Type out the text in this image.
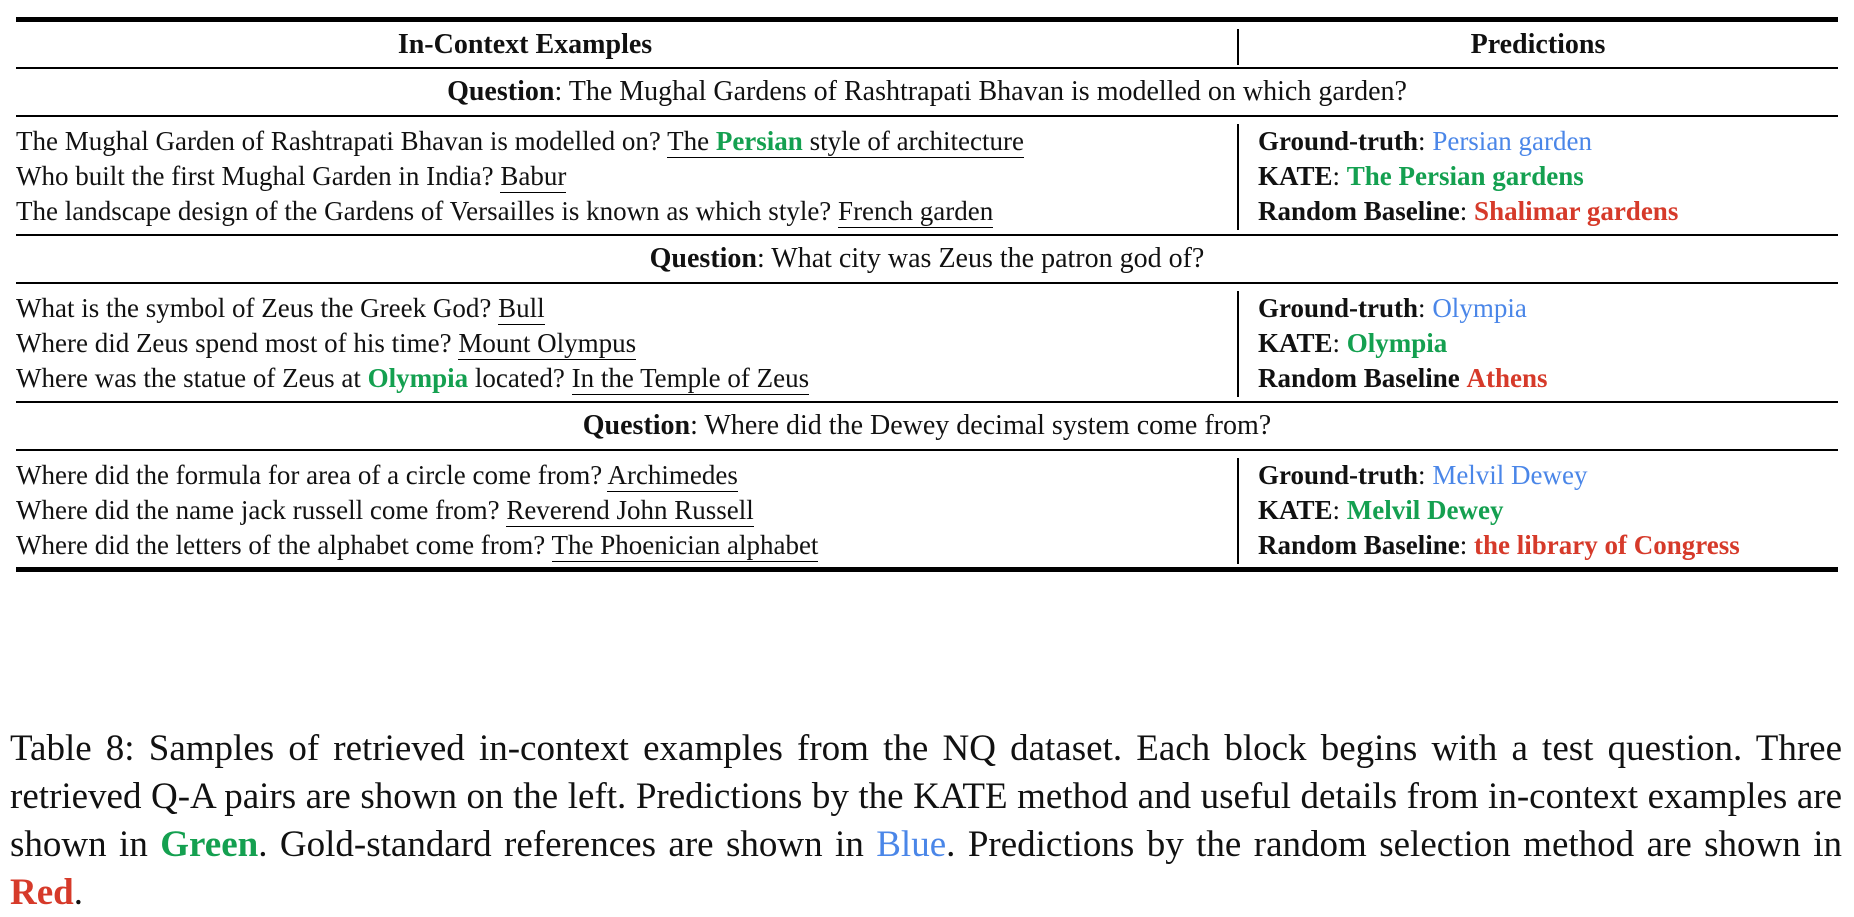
In-Context Examples	Predictions
Question: The Mughal Gardens of Rashtrapati Bhavan is modelled on which garden?
The Mughal Garden of Rashtrapati Bhavan is modelled on? The Persian style of architecture
Who built the first Mughal Garden in India? Babur
The landscape design of the Gardens of Versailles is known as which style? French garden
Ground-truth: Persian garden
KATE: The Persian gardens
Random Baseline: Shalimar gardens
Question: What city was Zeus the patron god of?
What is the symbol of Zeus the Greek God? Bull
Where did Zeus spend most of his time? Mount Olympus
Where was the statue of Zeus at Olympia located? In the Temple of Zeus
Ground-truth: Olympia
KATE: Olympia
Random Baseline Athens
Question: Where did the Dewey decimal system come from?
Where did the formula for area of a circle come from? Archimedes
Where did the name jack russell come from? Reverend John Russell
Where did the letters of the alphabet come from? The Phoenician alphabet
Ground-truth: Melvil Dewey
KATE: Melvil Dewey
Random Baseline: the library of Congress
Table 8: Samples of retrieved in-context examples from the NQ dataset. Each block begins with a test question. Three retrieved Q-A pairs are shown on the left. Predictions by the KATE method and useful details from in-context examples are shown in Green. Gold-standard references are shown in Blue. Predictions by the random selection method are shown in Red.
